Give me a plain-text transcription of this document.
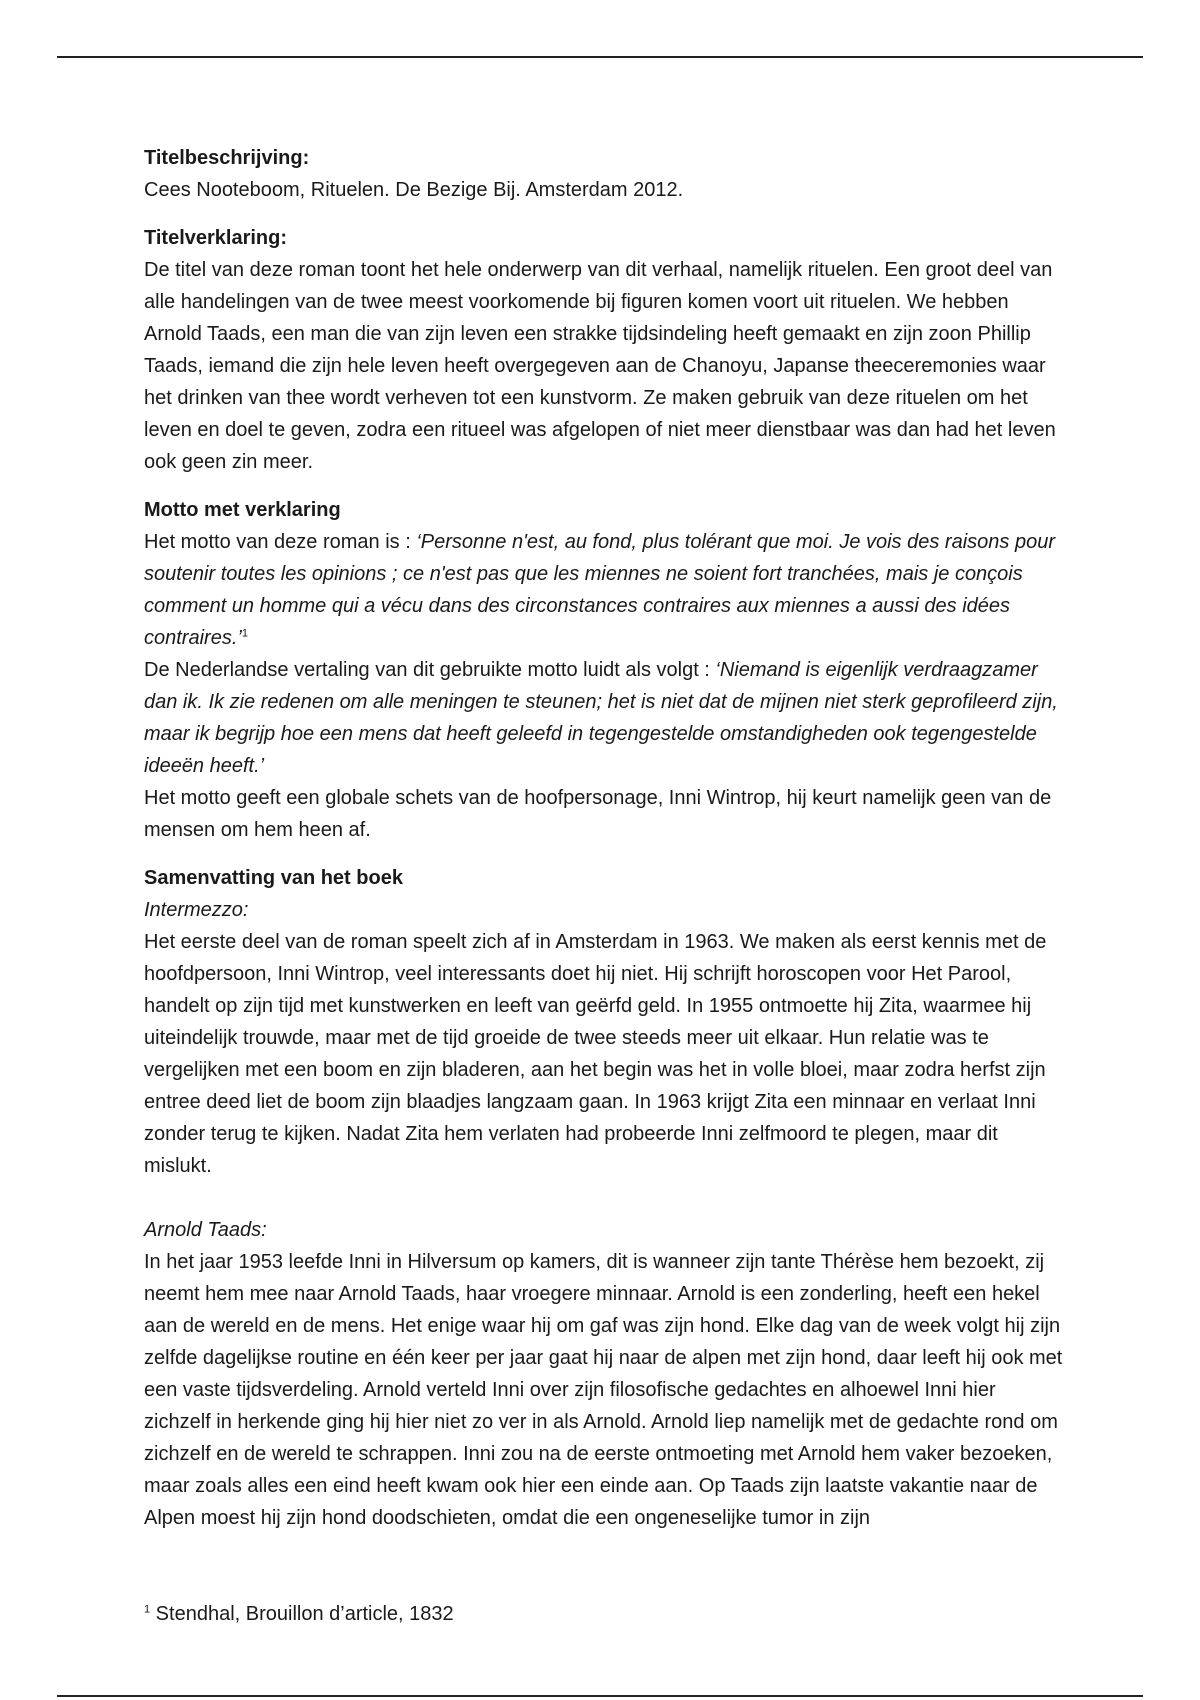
Titelbeschrijving:

Cees Nooteboom, Rituelen. De Bezige Bij. Amsterdam 2012.

Titelverklaring:

De titel van deze roman toont het hele onderwerp van dit verhaal, namelijk rituelen. Een groot deel van alle handelingen van de twee meest voorkomende bij figuren komen voort uit rituelen. We hebben Arnold Taads, een man die van zijn leven een strakke tijdsindeling heeft gemaakt en zijn zoon Phillip Taads, iemand die zijn hele leven heeft overgegeven aan de Chanoyu, Japanse theeceremonies waar het drinken van thee wordt verheven tot een kunstvorm. Ze maken gebruik van deze rituelen om het leven en doel te geven, zodra een ritueel was afgelopen of niet meer dienstbaar was dan had het leven ook geen zin meer.

Motto met verklaring

Het motto van deze roman is : ‘Personne n'est, au fond, plus tolérant que moi. Je vois des raisons pour soutenir toutes les opinions ; ce n'est pas que les miennes ne soient fort tranchées, mais je conçois comment un homme qui a vécu dans des circonstances contraires aux miennes a aussi des idées contraires.’$^1$

De Nederlandse vertaling van dit gebruikte motto luidt als volgt : ‘Niemand is eigenlijk verdraagzamer dan ik. Ik zie redenen om alle meningen te steunen; het is niet dat de mijnen niet sterk geprofileerd zijn, maar ik begrijp hoe een mens dat heeft geleefd in tegengestelde omstandigheden ook tegengestelde ideeën heeft.’

Het motto geeft een globale schets van de hoofpersonage, Inni Wintrop, hij keurt namelijk geen van de mensen om hem heen af.

Samenvatting van het boek
Intermezzo:

Het eerste deel van de roman speelt zich af in Amsterdam in 1963. We maken als eerst kennis met de hoofdpersoon, Inni Wintrop, veel interessants doet hij niet. Hij schrijft horoscopen voor Het Parool, handelt op zijn tijd met kunstwerken en leeft van geërfd geld. In 1955 ontmoette hij Zita, waarmee hij uiteindelijk trouwde, maar met de tijd groeide de twee steeds meer uit elkaar. Hun relatie was te vergelijken met een boom en zijn bladeren, aan het begin was het in volle bloei, maar zodra herfst zijn entree deed liet de boom zijn blaadjes langzaam gaan. In 1963 krijgt Zita een minnaar en verlaat Inni zonder terug te kijken. Nadat Zita hem verlaten had probeerde Inni zelfmoord te plegen, maar dit mislukt.

Arnold Taads:

In het jaar 1953 leefde Inni in Hilversum op kamers, dit is wanneer zijn tante Thérèse hem bezoekt, zij neemt hem mee naar Arnold Taads, haar vroegere minnaar. Arnold is een zonderling, heeft een hekel aan de wereld en de mens. Het enige waar hij om gaf was zijn hond. Elke dag van de week volgt hij zijn zelfde dagelijkse routine en één keer per jaar gaat hij naar de alpen met zijn hond, daar leeft hij ook met een vaste tijdsverdeling. Arnold verteld Inni over zijn filosofische gedachtes en alhoewel Inni hier zichzelf in herkende ging hij hier niet zo ver in als Arnold. Arnold liep namelijk met de gedachte rond om zichzelf en de wereld te schrappen. Inni zou na de eerste ontmoeting met Arnold hem vaker bezoeken, maar zoals alles een eind heeft kwam ook hier een einde aan. Op Taads zijn laatste vakantie naar de Alpen moest hij zijn hond doodschieten, omdat die een ongeneselijke tumor in zijn

$^1$ Stendhal, Brouillon d’article, 1832
